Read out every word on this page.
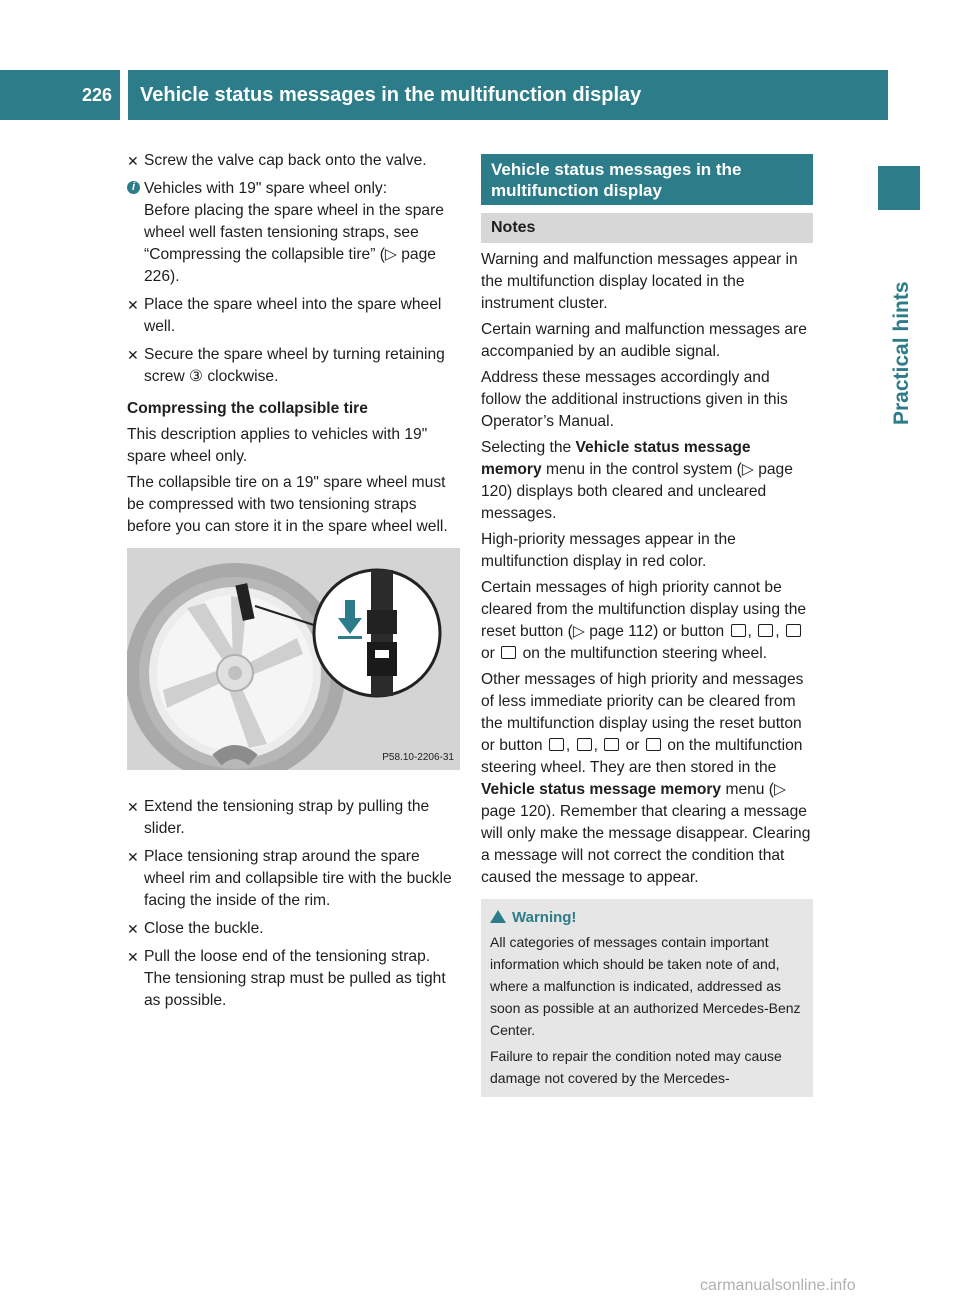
226	Vehicle status messages in the multifunction display
Practical hints
✕ Screw the valve cap back onto the valve.
i Vehicles with 19" spare wheel only:
Before placing the spare wheel in the spare wheel well fasten tensioning straps, see “Compressing the collapsible tire” (▷ page 226).
✕ Place the spare wheel into the spare wheel well.
✕ Secure the spare wheel by turning retaining screw ③ clockwise.

Compressing the collapsible tire

This description applies to vehicles with 19" spare wheel only.

The collapsible tire on a 19" spare wheel must be compressed with two tensioning straps before you can store it in the spare wheel well.

P58.10-2206-31
✕ Extend the tensioning strap by pulling the slider.
✕ Place tensioning strap around the spare wheel rim and collapsible tire with the buckle facing the inside of the rim.
✕ Close the buckle.
✕ Pull the loose end of the tensioning strap. The tensioning strap must be pulled as tight as possible.
Vehicle status messages in the multifunction display
Notes

Warning and malfunction messages appear in the multifunction display located in the instrument cluster.

Certain warning and malfunction messages are accompanied by an audible signal.

Address these messages accordingly and follow the additional instructions given in this Operator’s Manual.

Selecting the Vehicle status message memory menu in the control system (▷ page 120) displays both cleared and uncleared messages.

High-priority messages appear in the multifunction display in red color.

Certain messages of high priority cannot be cleared from the multifunction display using the reset button (▷ page 112) or button , ,  or on the multifunction steering wheel.

Other messages of high priority and messages of less immediate priority can be cleared from the multifunction display using the reset button or button , , or on the multifunction steering wheel. They are then stored in the Vehicle status message memory menu (▷ page 120). Remember that clearing a message will only make the message disappear. Clearing a message will not correct the condition that caused the message to appear.

Warning!

All categories of messages contain important information which should be taken note of and, where a malfunction is indicated, addressed as soon as possible at an authorized Mercedes-Benz Center.

Failure to repair the condition noted may cause damage not covered by the Mercedes-

carmanualsonline.info
